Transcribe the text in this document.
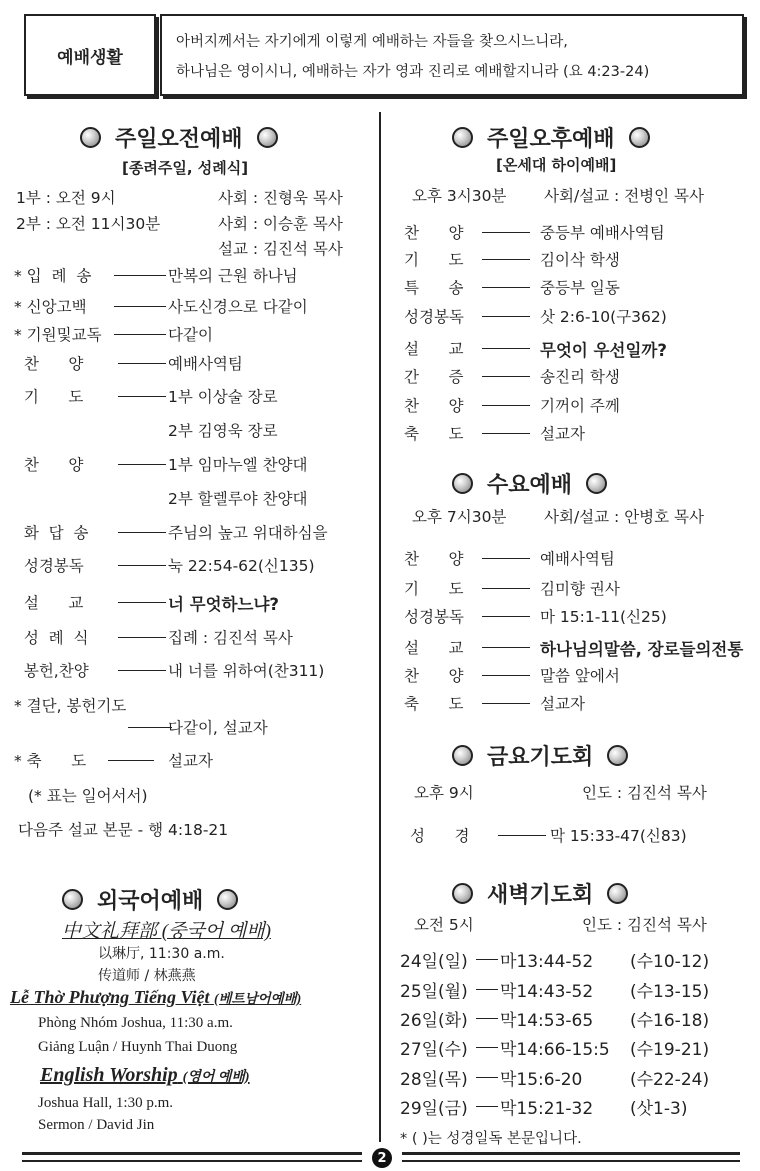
예배생활
아버지께서는 자기에게 이렇게 예배하는 자들을 찾으시느니라,
하나님은 영이시니, 예배하는 자가 영과 진리로 예배할지니라 (요 4:23-24)
주일오전예배
[종려주일, 성례식]
1부 : 오전 9시	사회 : 진형욱 목사
2부 : 오전 11시30분	사회 : 이승훈 목사
설교 : 김진석 목사
* 입  례  송	만복의 근원 하나님
* 신앙고백	사도신경으로 다같이
* 기원및교독	다같이
찬      양	예배사역팀
기      도	1부 이상술 장로
2부 김영욱 장로
찬      양	1부 임마누엘 찬양대
2부 할렐루야 찬양대
화  답  송	주님의 높고 위대하심을
성경봉독	눅 22:54-62(신135)
설      교	너 무엇하느냐?
성  례  식	집례 : 김진석 목사
봉헌,찬양	내 너를 위하여(찬311)
* 결단, 봉헌기도
다같이, 설교자
* 축      도	설교자
(* 표는 일어서서)
다음주 설교 본문 - 행 4:18-21
외국어예배
中文礼拜部 (중국어 예배)
以琳厅, 11:30 a.m.
传道师 / 林燕燕
Lễ Thờ Phượng Tiếng Việt (베트남어예배)
Phòng Nhóm Joshua, 11:30 a.m.
Giảng Luận / Huynh Thai Duong
English Worship (영어 예배)
Joshua Hall, 1:30 p.m.
Sermon / David Jin
주일오후예배
[온세대 하이예배]
오후 3시30분 사회/설교 : 전병인 목사
찬      양	중등부 예배사역팀
기      도	김이삭 학생
특      송	중등부 일동
성경봉독	삿 2:6-10(구362)
설      교	무엇이 우선일까?
간      증	송진리 학생
찬      양	기꺼이 주께
축      도	설교자
수요예배
오후 7시30분 사회/설교 : 안병호 목사
찬      양	예배사역팀
기      도	김미향 권사
성경봉독	마 15:1-11(신25)
설      교	하나님의말씀, 장로들의전통
찬      양	말씀 앞에서
축      도	설교자
금요기도회
오후 9시	인도 : 김진석 목사
성      경	막 15:33-47(신83)
새벽기도회
오전 5시	인도 : 김진석 목사
24일(일) 마13:44-52 (수10-12)
25일(월) 막14:43-52 (수13-15)
26일(화) 막14:53-65 (수16-18)
27일(수) 막14:66-15:5 (수19-21)
28일(목) 막15:6-20	(수22-24)
29일(금) 막15:21-32 (삿1-3)
* ( )는 성경일독 본문입니다.
2
